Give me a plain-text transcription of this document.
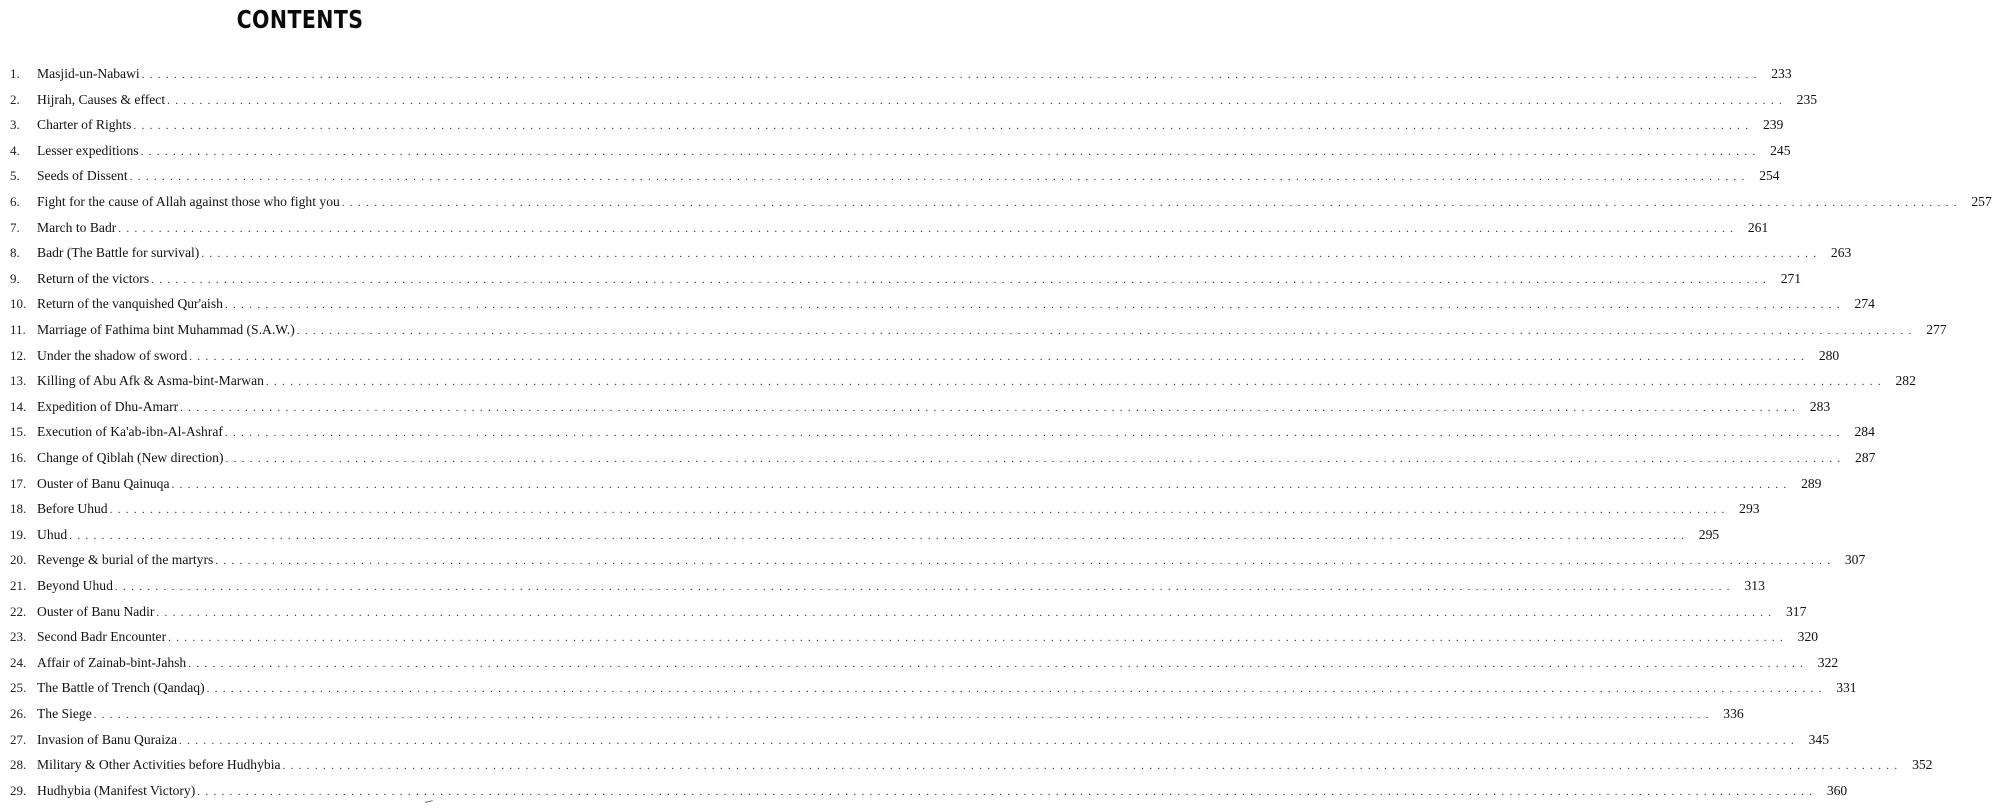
CONTENTS
1.	Masjid-un-Nabawi . . . . . . . . . . . . . . . . . . . . . . . . . . . . . . . . . . . . . . . . . . . . . . . . . . . . . . . . . . . . . . . . . . . . . . . . . . . . . . . . . . . . . . . . . . . . . . . . . . . . . . . . . . . . . . . . . . . . . . . . . . . . . . . . . . . . . . . . . . . . . . . . . . . . . . . . . . . . . . . . . . . . . . . . . . . . . . . . . . . . . . . . . . . . . . . . . . . . . . . .	233
2.	Hijrah, Causes & effect . . . . . . . . . . . . . . . . . . . . . . . . . . . . . . . . . . . . . . . . . . . . . . . . . . . . . . . . . . . . . . . . . . . . . . . . . . . . . . . . . . . . . . . . . . . . . . . . . . . . . . . . . . . . . . . . . . . . . . . . . . . . . . . . . . . . . . . . . . . . . . . . . . . . . . . . . . . . . . . . . . . . . . . . . . . . . . . . . . . . . . . . . . . . . . . . . . . . . . . .	235
3.	Charter of Rights . . . . . . . . . . . . . . . . . . . . . . . . . . . . . . . . . . . . . . . . . . . . . . . . . . . . . . . . . . . . . . . . . . . . . . . . . . . . . . . . . . . . . . . . . . . . . . . . . . . . . . . . . . . . . . . . . . . . . . . . . . . . . . . . . . . . . . . . . . . . . . . . . . . . . . . . . . . . . . . . . . . . . . . . . . . . . . . . . . . . . . . . . . . . . . . . . . . . . . . .	239
4.	Lesser expeditions . . . . . . . . . . . . . . . . . . . . . . . . . . . . . . . . . . . . . . . . . . . . . . . . . . . . . . . . . . . . . . . . . . . . . . . . . . . . . . . . . . . . . . . . . . . . . . . . . . . . . . . . . . . . . . . . . . . . . . . . . . . . . . . . . . . . . . . . . . . . . . . . . . . . . . . . . . . . . . . . . . . . . . . . . . . . . . . . . . . . . . . . . . . . . . . . . . . . . . . .	245
5.	Seeds of Dissent . . . . . . . . . . . . . . . . . . . . . . . . . . . . . . . . . . . . . . . . . . . . . . . . . . . . . . . . . . . . . . . . . . . . . . . . . . . . . . . . . . . . . . . . . . . . . . . . . . . . . . . . . . . . . . . . . . . . . . . . . . . . . . . . . . . . . . . . . . . . . . . . . . . . . . . . . . . . . . . . . . . . . . . . . . . . . . . . . . . . . . . . . . . . . . . . . . . . . . . .	254
6.	Fight for the cause of Allah against those who fight you . . . . . . . . . . . . . . . . . . . . . . . . . . . . . . . . . . . . . . . . . . . . . . . . . . . . . . . . . . . . . . . . . . . . . . . . . . . . . . . . . . . . . . . . . . . . . . . . . . . . . . . . . . . . . . . . . . . . . . . . . . . . . . . . . . . . . . . . . . . . . . . . . . . . . . . . . . . . . . . . . . . . . . . . . . . . . . . . . . . . . . . . . . . . . . . . . . . . . . . .	257
7.	March to Badr . . . . . . . . . . . . . . . . . . . . . . . . . . . . . . . . . . . . . . . . . . . . . . . . . . . . . . . . . . . . . . . . . . . . . . . . . . . . . . . . . . . . . . . . . . . . . . . . . . . . . . . . . . . . . . . . . . . . . . . . . . . . . . . . . . . . . . . . . . . . . . . . . . . . . . . . . . . . . . . . . . . . . . . . . . . . . . . . . . . . . . . . . . . . . . . . . . . . . . . .	261
8.	Badr (The Battle for survival) . . . . . . . . . . . . . . . . . . . . . . . . . . . . . . . . . . . . . . . . . . . . . . . . . . . . . . . . . . . . . . . . . . . . . . . . . . . . . . . . . . . . . . . . . . . . . . . . . . . . . . . . . . . . . . . . . . . . . . . . . . . . . . . . . . . . . . . . . . . . . . . . . . . . . . . . . . . . . . . . . . . . . . . . . . . . . . . . . . . . . . . . . . . . . . . . . . . . . . . .	263
9.	Return of the victors . . . . . . . . . . . . . . . . . . . . . . . . . . . . . . . . . . . . . . . . . . . . . . . . . . . . . . . . . . . . . . . . . . . . . . . . . . . . . . . . . . . . . . . . . . . . . . . . . . . . . . . . . . . . . . . . . . . . . . . . . . . . . . . . . . . . . . . . . . . . . . . . . . . . . . . . . . . . . . . . . . . . . . . . . . . . . . . . . . . . . . . . . . . . . . . . . . . . . . . .	271
10. Return of the vanquished Qur'aish . . . . . . . . . . . . . . . . . . . . . . . . . . . . . . . . . . . . . . . . . . . . . . . . . . . . . . . . . . . . . . . . . . . . . . . . . . . . . . . . . . . . . . . . . . . . . . . . . . . . . . . . . . . . . . . . . . . . . . . . . . . . . . . . . . . . . . . . . . . . . . . . . . . . . . . . . . . . . . . . . . . . . . . . . . . . . . . . . . . . . . . . . . . . . . . . . . . . . . . .	274
11. Marriage of Fathima bint Muhammad (S.A.W.) . . . . . . . . . . . . . . . . . . . . . . . . . . . . . . . . . . . . . . . . . . . . . . . . . . . . . . . . . . . . . . . . . . . . . . . . . . . . . . . . . . . . . . . . . . . . . . . . . . . . . . . . . . . . . . . . . . . . . . . . . . . . . . . . . . . . . . . . . . . . . . . . . . . . . . . . . . . . . . . . . . . . . . . . . . . . . . . . . . . . . . . . . . . . . . . . . . . . . . . .	277
12. Under the shadow of sword . . . . . . . . . . . . . . . . . . . . . . . . . . . . . . . . . . . . . . . . . . . . . . . . . . . . . . . . . . . . . . . . . . . . . . . . . . . . . . . . . . . . . . . . . . . . . . . . . . . . . . . . . . . . . . . . . . . . . . . . . . . . . . . . . . . . . . . . . . . . . . . . . . . . . . . . . . . . . . . . . . . . . . . . . . . . . . . . . . . . . . . . . . . . . . . . . . . . . . . .	280
13. Killing of Abu Afk & Asma-bint-Marwan . . . . . . . . . . . . . . . . . . . . . . . . . . . . . . . . . . . . . . . . . . . . . . . . . . . . . . . . . . . . . . . . . . . . . . . . . . . . . . . . . . . . . . . . . . . . . . . . . . . . . . . . . . . . . . . . . . . . . . . . . . . . . . . . . . . . . . . . . . . . . . . . . . . . . . . . . . . . . . . . . . . . . . . . . . . . . . . . . . . . . . . . . . . . . . . . . . . . . . . .	282
14. Expedition of Dhu-Amarr . . . . . . . . . . . . . . . . . . . . . . . . . . . . . . . . . . . . . . . . . . . . . . . . . . . . . . . . . . . . . . . . . . . . . . . . . . . . . . . . . . . . . . . . . . . . . . . . . . . . . . . . . . . . . . . . . . . . . . . . . . . . . . . . . . . . . . . . . . . . . . . . . . . . . . . . . . . . . . . . . . . . . . . . . . . . . . . . . . . . . . . . . . . . . . . . . . . . . . . .	283
15. Execution of Ka'ab-ibn-Al-Ashraf . . . . . . . . . . . . . . . . . . . . . . . . . . . . . . . . . . . . . . . . . . . . . . . . . . . . . . . . . . . . . . . . . . . . . . . . . . . . . . . . . . . . . . . . . . . . . . . . . . . . . . . . . . . . . . . . . . . . . . . . . . . . . . . . . . . . . . . . . . . . . . . . . . . . . . . . . . . . . . . . . . . . . . . . . . . . . . . . . . . . . . . . . . . . . . . . . . . . . . . .	284
16. Change of Qiblah (New direction) . . . . . . . . . . . . . . . . . . . . . . . . . . . . . . . . . . . . . . . . . . . . . . . . . . . . . . . . . . . . . . . . . . . . . . . . . . . . . . . . . . . . . . . . . . . . . . . . . . . . . . . . . . . . . . . . . . . . . . . . . . . . . . . . . . . . . . . . . . . . . . . . . . . . . . . . . . . . . . . . . . . . . . . . . . . . . . . . . . . . . . . . . . . . . . . . . . . . . . . .	287
17. Ouster of Banu Qainuqa . . . . . . . . . . . . . . . . . . . . . . . . . . . . . . . . . . . . . . . . . . . . . . . . . . . . . . . . . . . . . . . . . . . . . . . . . . . . . . . . . . . . . . . . . . . . . . . . . . . . . . . . . . . . . . . . . . . . . . . . . . . . . . . . . . . . . . . . . . . . . . . . . . . . . . . . . . . . . . . . . . . . . . . . . . . . . . . . . . . . . . . . . . . . . . . . . . . . . . . .	289
18. Before Uhud . . . . . . . . . . . . . . . . . . . . . . . . . . . . . . . . . . . . . . . . . . . . . . . . . . . . . . . . . . . . . . . . . . . . . . . . . . . . . . . . . . . . . . . . . . . . . . . . . . . . . . . . . . . . . . . . . . . . . . . . . . . . . . . . . . . . . . . . . . . . . . . . . . . . . . . . . . . . . . . . . . . . . . . . . . . . . . . . . . . . . . . . . . . . . . . . . . . . . . . .	293
19. Uhud . . . . . . . . . . . . . . . . . . . . . . . . . . . . . . . . . . . . . . . . . . . . . . . . . . . . . . . . . . . . . . . . . . . . . . . . . . . . . . . . . . . . . . . . . . . . . . . . . . . . . . . . . . . . . . . . . . . . . . . . . . . . . . . . . . . . . . . . . . . . . . . . . . . . . . . . . . . . . . . . . . . . . . . . . . . . . . . . . . . . . . . . . . . . . . . . . . . . . . . .	295
20. Revenge & burial of the martyrs . . . . . . . . . . . . . . . . . . . . . . . . . . . . . . . . . . . . . . . . . . . . . . . . . . . . . . . . . . . . . . . . . . . . . . . . . . . . . . . . . . . . . . . . . . . . . . . . . . . . . . . . . . . . . . . . . . . . . . . . . . . . . . . . . . . . . . . . . . . . . . . . . . . . . . . . . . . . . . . . . . . . . . . . . . . . . . . . . . . . . . . . . . . . . . . . . . . . . . . .	307
21. Beyond Uhud . . . . . . . . . . . . . . . . . . . . . . . . . . . . . . . . . . . . . . . . . . . . . . . . . . . . . . . . . . . . . . . . . . . . . . . . . . . . . . . . . . . . . . . . . . . . . . . . . . . . . . . . . . . . . . . . . . . . . . . . . . . . . . . . . . . . . . . . . . . . . . . . . . . . . . . . . . . . . . . . . . . . . . . . . . . . . . . . . . . . . . . . . . . . . . . . . . . . . . . .	313
22. Ouster of Banu Nadir . . . . . . . . . . . . . . . . . . . . . . . . . . . . . . . . . . . . . . . . . . . . . . . . . . . . . . . . . . . . . . . . . . . . . . . . . . . . . . . . . . . . . . . . . . . . . . . . . . . . . . . . . . . . . . . . . . . . . . . . . . . . . . . . . . . . . . . . . . . . . . . . . . . . . . . . . . . . . . . . . . . . . . . . . . . . . . . . . . . . . . . . . . . . . . . . . . . . . . . .	317
23. Second Badr Encounter . . . . . . . . . . . . . . . . . . . . . . . . . . . . . . . . . . . . . . . . . . . . . . . . . . . . . . . . . . . . . . . . . . . . . . . . . . . . . . . . . . . . . . . . . . . . . . . . . . . . . . . . . . . . . . . . . . . . . . . . . . . . . . . . . . . . . . . . . . . . . . . . . . . . . . . . . . . . . . . . . . . . . . . . . . . . . . . . . . . . . . . . . . . . . . . . . . . . . . . .	320
24. Affair of Zainab-bint-Jahsh . . . . . . . . . . . . . . . . . . . . . . . . . . . . . . . . . . . . . . . . . . . . . . . . . . . . . . . . . . . . . . . . . . . . . . . . . . . . . . . . . . . . . . . . . . . . . . . . . . . . . . . . . . . . . . . . . . . . . . . . . . . . . . . . . . . . . . . . . . . . . . . . . . . . . . . . . . . . . . . . . . . . . . . . . . . . . . . . . . . . . . . . . . . . . . . . . . . . . . . .	322
25. The Battle of Trench (Qandaq) . . . . . . . . . . . . . . . . . . . . . . . . . . . . . . . . . . . . . . . . . . . . . . . . . . . . . . . . . . . . . . . . . . . . . . . . . . . . . . . . . . . . . . . . . . . . . . . . . . . . . . . . . . . . . . . . . . . . . . . . . . . . . . . . . . . . . . . . . . . . . . . . . . . . . . . . . . . . . . . . . . . . . . . . . . . . . . . . . . . . . . . . . . . . . . . . . . . . . . . .	331
26. The Siege . . . . . . . . . . . . . . . . . . . . . . . . . . . . . . . . . . . . . . . . . . . . . . . . . . . . . . . . . . . . . . . . . . . . . . . . . . . . . . . . . . . . . . . . . . . . . . . . . . . . . . . . . . . . . . . . . . . . . . . . . . . . . . . . . . . . . . . . . . . . . . . . . . . . . . . . . . . . . . . . . . . . . . . . . . . . . . . . . . . . . . . . . . . . . . . . . . . . . . . .	336
27. Invasion of Banu Quraiza . . . . . . . . . . . . . . . . . . . . . . . . . . . . . . . . . . . . . . . . . . . . . . . . . . . . . . . . . . . . . . . . . . . . . . . . . . . . . . . . . . . . . . . . . . . . . . . . . . . . . . . . . . . . . . . . . . . . . . . . . . . . . . . . . . . . . . . . . . . . . . . . . . . . . . . . . . . . . . . . . . . . . . . . . . . . . . . . . . . . . . . . . . . . . . . . . . . . . . . .	345
28. Military & Other Activities before Hudhybia . . . . . . . . . . . . . . . . . . . . . . . . . . . . . . . . . . . . . . . . . . . . . . . . . . . . . . . . . . . . . . . . . . . . . . . . . . . . . . . . . . . . . . . . . . . . . . . . . . . . . . . . . . . . . . . . . . . . . . . . . . . . . . . . . . . . . . . . . . . . . . . . . . . . . . . . . . . . . . . . . . . . . . . . . . . . . . . . . . . . . . . . . . . . . . . . . . . . . . . .	352
29. Hudhybia (Manifest Victory) . . . . . . . . . . . . . . . . . . . . . . . . . . . . . . . . . . . . . . . . . . . . . . . . . . . . . . . . . . . . . . . . . . . . . . . . . . . . . . . . . . . . . . . . . . . . . . . . . . . . . . . . . . . . . . . . . . . . . . . . . . . . . . . . . . . . . . . . . . . . . . . . . . . . . . . . . . . . . . . . . . . . . . . . . . . . . . . . . . . . . . . . . . . . . . . . . . . . . . . .	360
